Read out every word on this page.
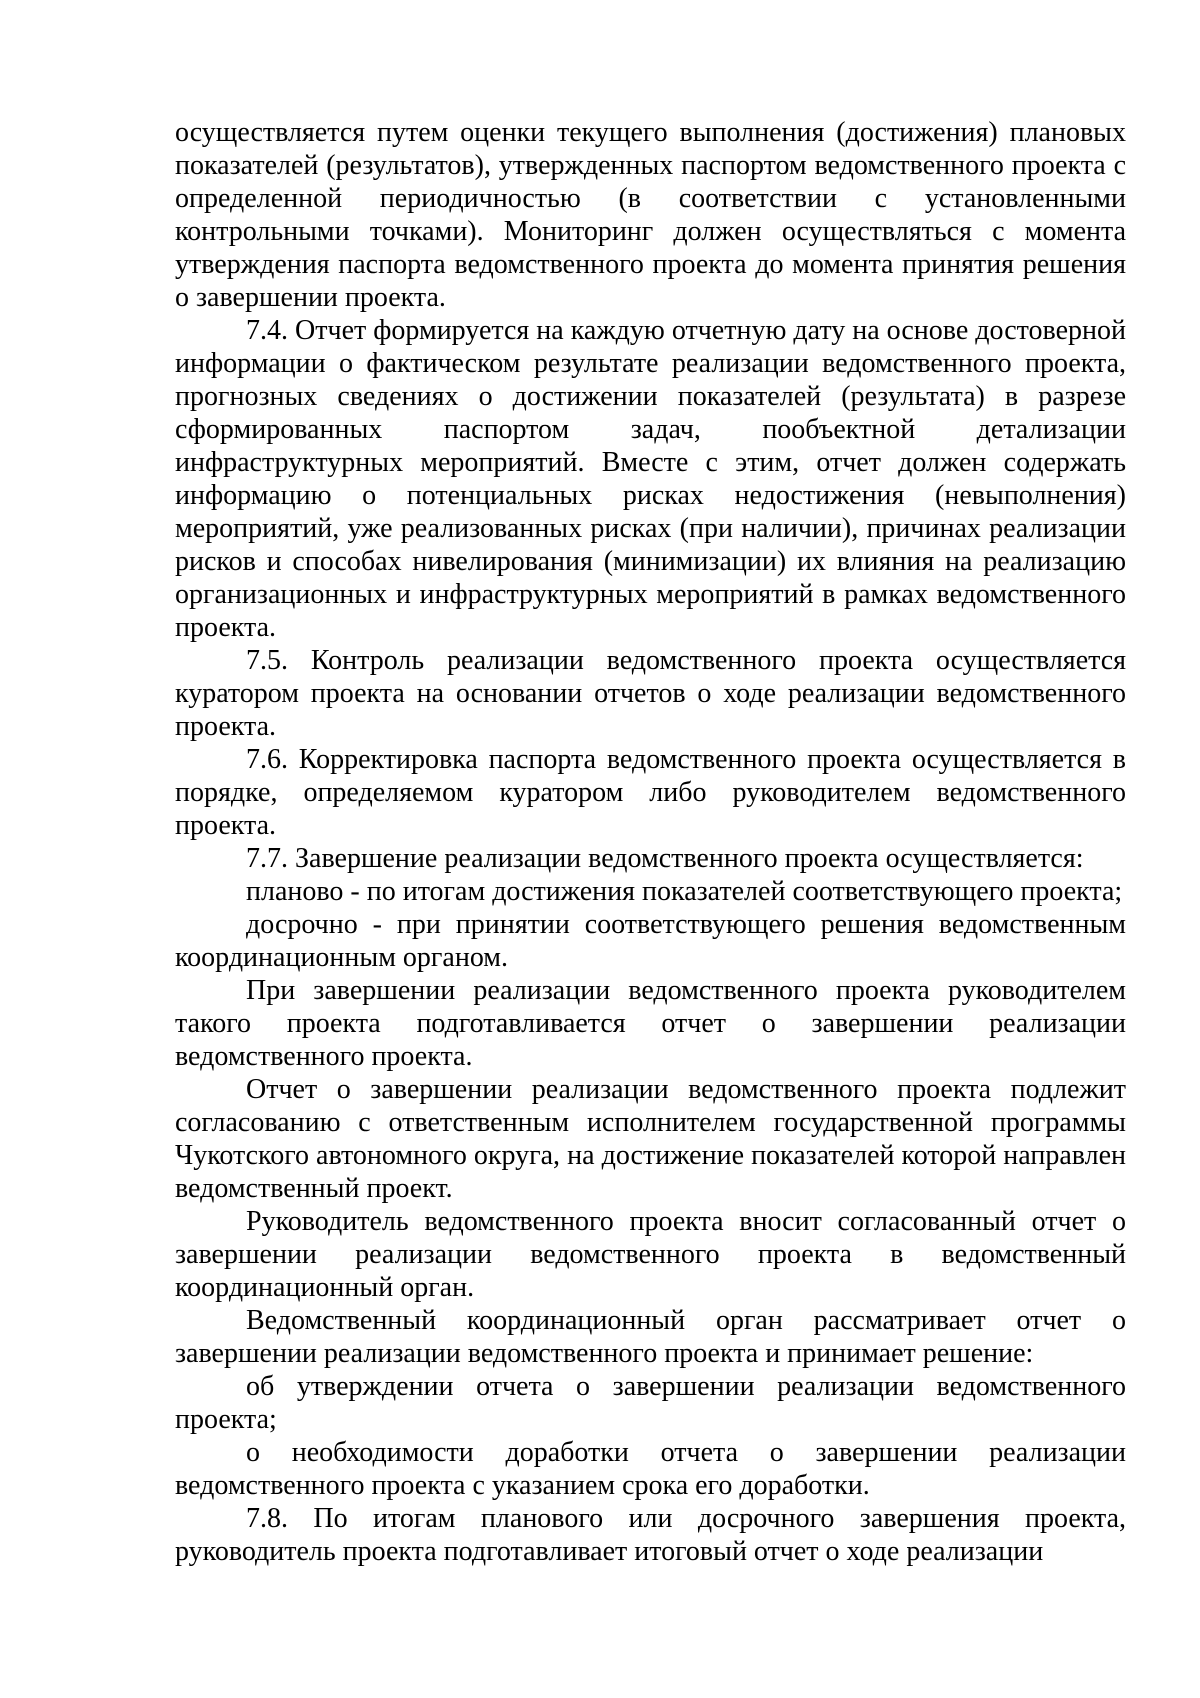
осуществляется путем оценки текущего выполнения (достижения) плановых показателей (результатов), утвержденных паспортом ведомственного проекта с определенной периодичностью (в соответствии с установленными контрольными точками). Мониторинг должен осуществляться с момента утверждения паспорта ведомственного проекта до момента принятия решения о завершении проекта.

7.4. Отчет формируется на каждую отчетную дату на основе достоверной информации о фактическом результате реализации ведомственного проекта, прогнозных сведениях о достижении показателей (результата) в разрезе сформированных паспортом задач, пообъектной детализации инфраструктурных мероприятий. Вместе с этим, отчет должен содержать информацию о потенциальных рисках недостижения (невыполнения) мероприятий, уже реализованных рисках (при наличии), причинах реализации рисков и способах нивелирования (минимизации) их влияния на реализацию организационных и инфраструктурных мероприятий в рамках ведомственного проекта.

7.5. Контроль реализации ведомственного проекта осуществляется куратором проекта на основании отчетов о ходе реализации ведомственного проекта.

7.6. Корректировка паспорта ведомственного проекта осуществляется в порядке, определяемом куратором либо руководителем ведомственного проекта.

7.7. Завершение реализации ведомственного проекта осуществляется:

планово - по итогам достижения показателей соответствующего проекта;

досрочно - при принятии соответствующего решения ведомственным координационным органом.

При завершении реализации ведомственного проекта руководителем такого проекта подготавливается отчет о завершении реализации ведомственного проекта.

Отчет о завершении реализации ведомственного проекта подлежит согласованию с ответственным исполнителем государственной программы Чукотского автономного округа, на достижение показателей которой направлен ведомственный проект.

Руководитель ведомственного проекта вносит согласованный отчет о завершении реализации ведомственного проекта в ведомственный координационный орган.

Ведомственный координационный орган рассматривает отчет о завершении реализации ведомственного проекта и принимает решение:

об утверждении отчета о завершении реализации ведомственного проекта;

о необходимости доработки отчета о завершении реализации ведомственного проекта с указанием срока его доработки.

7.8. По итогам планового или досрочного завершения проекта, руководитель проекта подготавливает итоговый отчет о ходе реализации
